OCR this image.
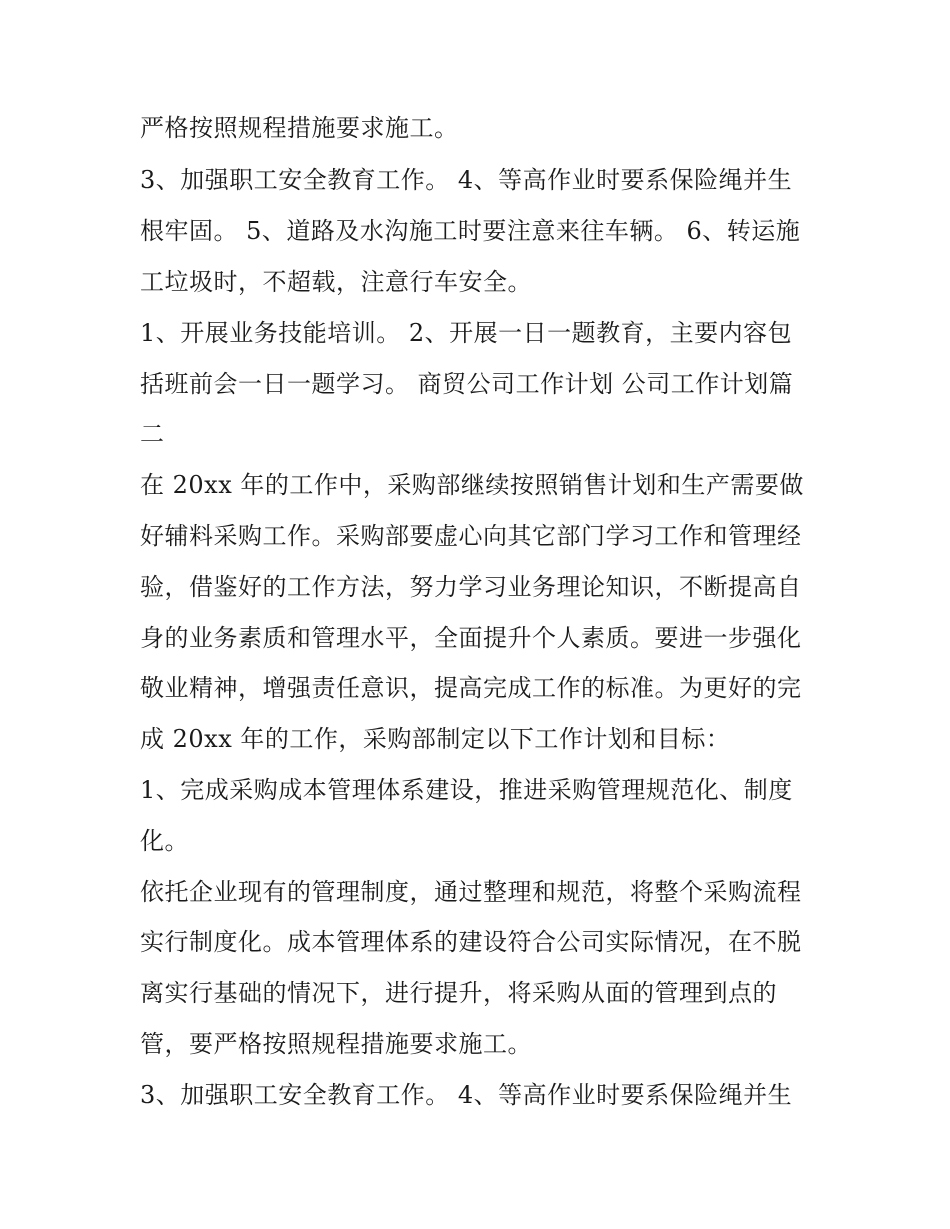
严格按照规程措施要求施工。
3、加强职工安全教育工作。 4、等高作业时要系保险绳并生
根牢固。 5、道路及水沟施工时要注意来往车辆。 6、转运施
工垃圾时，不超载，注意行车安全。
1、开展业务技能培训。 2、开展一日一题教育，主要内容包
括班前会一日一题学习。 商贸公司工作计划 公司工作计划篇
二
在 20xx 年的工作中，采购部继续按照销售计划和生产需要做
好辅料采购工作。采购部要虚心向其它部门学习工作和管理经
验，借鉴好的工作方法，努力学习业务理论知识，不断提高自
身的业务素质和管理水平，全面提升个人素质。要进一步强化
敬业精神，增强责任意识，提高完成工作的标准。为更好的完
成 20xx 年的工作，采购部制定以下工作计划和目标：
1、完成采购成本管理体系建设，推进采购管理规范化、制度
化。
依托企业现有的管理制度，通过整理和规范，将整个采购流程
实行制度化。成本管理体系的建设符合公司实际情况，在不脱
离实行基础的情况下，进行提升，将采购从面的管理到点的
管，要严格按照规程措施要求施工。
3、加强职工安全教育工作。 4、等高作业时要系保险绳并生
